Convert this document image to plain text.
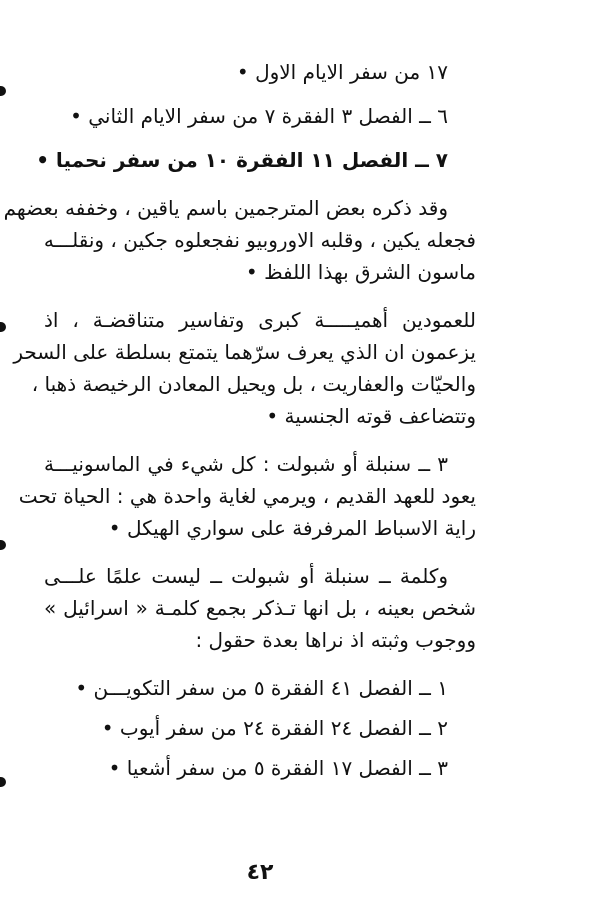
١٧ من سفر الايام الاول •
٦ ــ الفصل ٣ الفقرة ٧ من سفر الايام الثاني •
٧ ــ الفصل ١١ الفقرة ١٠ من سفر نحميا •
وقد ذكره بعض المترجمين باسم ياقين ، وخففه بعضهم
فجعله يكين ، وقلبه الاوروبيو نفجعلوه جكين ، ونقلـــه
ماسون الشرق بهذا اللفظ •
للعمودين أهميـــــة كبرى وتفاسير متناقضـة ، اذ
يزعمون ان الذي يعرف سرّهما يتمتع بسلطة على السحر
والحيّات والعفاريت ، بل ويحيل المعادن الرخيصة ذهبا ،
وتتضاعف قوته الجنسية •
٣ ــ سنبلة أو شبولت : كل شيء في الماسونيـــة
يعود للعهد القديم ، ويرمي لغاية واحدة هي : الحياة تحت
راية الاسباط المرفرفة على سواري الهيكل •
وكلمة ــ سنبلة أو شبولت ــ ليست علمًا علـــى
شخص بعينه ، بل انها تـذكر بجمع كلمـة « اسرائيل »
ووجوب وثبته اذ نراها بعدة حقول :
١ ــ الفصل ٤١ الفقرة ٥ من سفر التكويـــن •
٢ ــ الفصل ٢٤ الفقرة ٢٤ من سفر أيوب •
٣ ــ الفصل ١٧ الفقرة ٥ من سفر أشعيا •
٤٢
